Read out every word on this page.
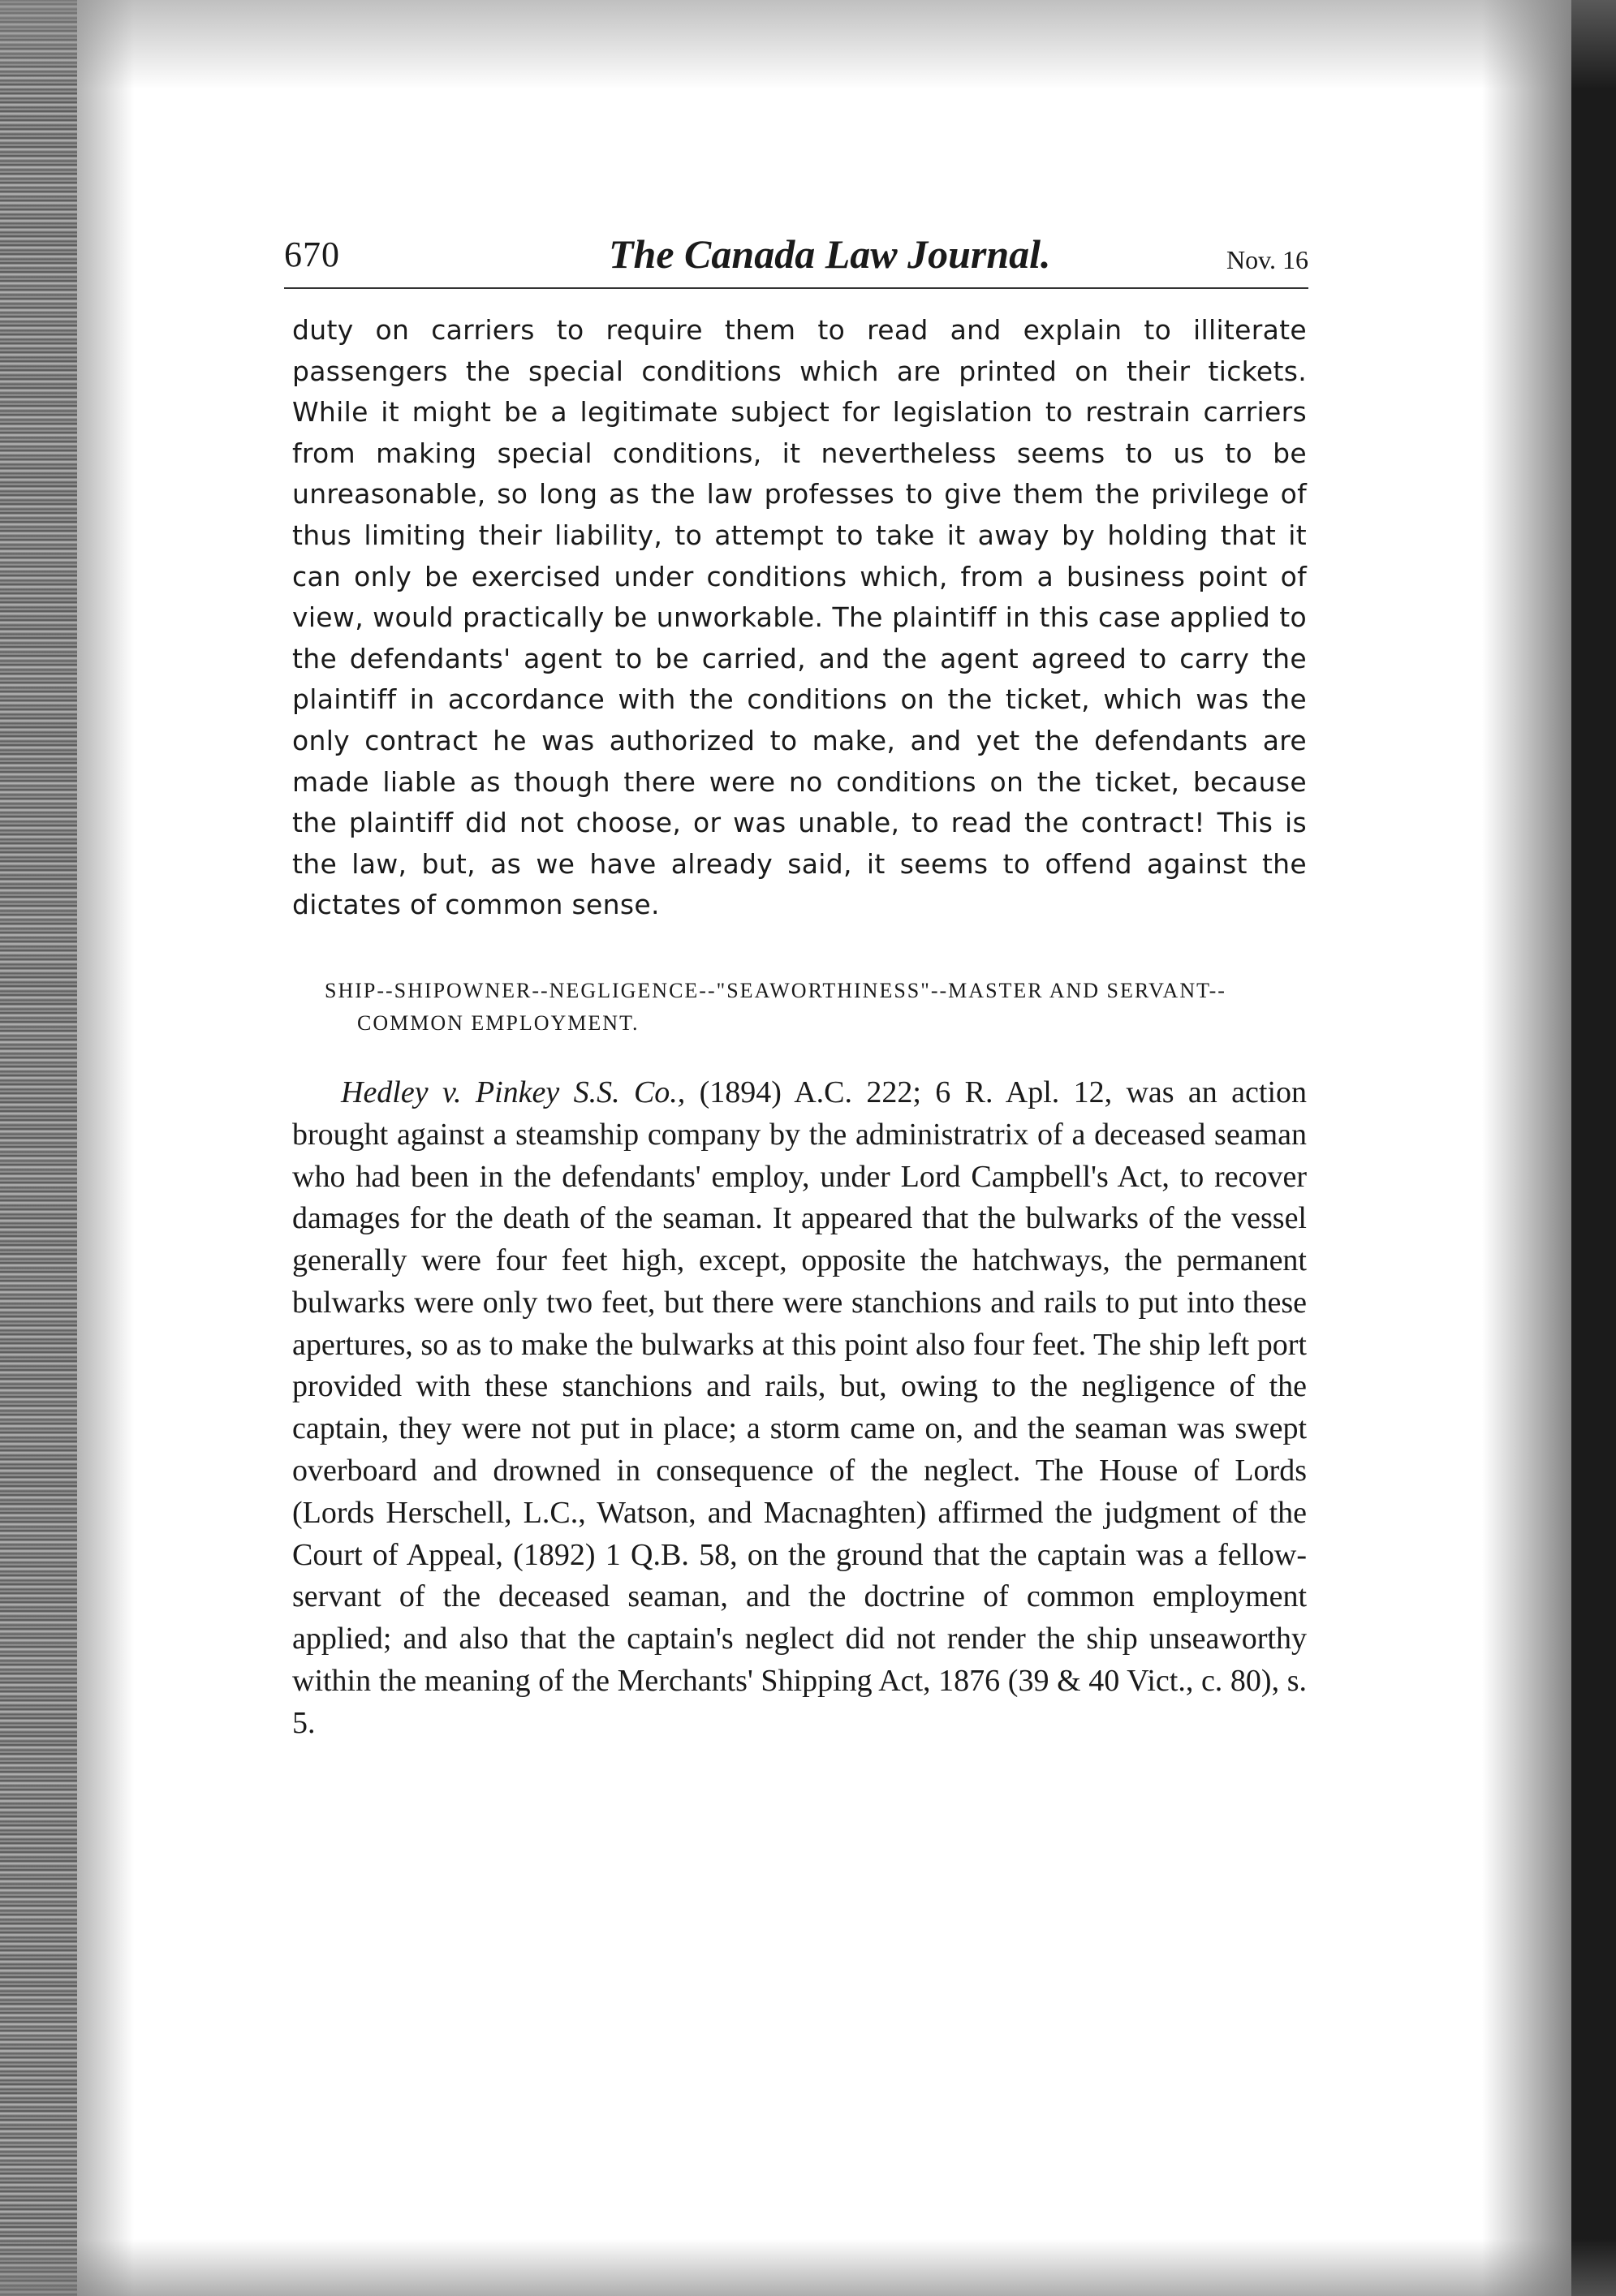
670	The Canada Law Journal.	Nov. 16

duty on carriers to require them to read and explain to illiterate passengers the special conditions which are printed on their tickets. While it might be a legitimate subject for legislation to restrain carriers from making special conditions, it nevertheless seems to us to be unreasonable, so long as the law professes to give them the privilege of thus limiting their liability, to attempt to take it away by holding that it can only be exercised under conditions which, from a business point of view, would practically be unworkable. The plaintiff in this case applied to the defendants' agent to be carried, and the agent agreed to carry the plaintiff in accordance with the conditions on the ticket, which was the only contract he was authorized to make, and yet the defendants are made liable as though there were no conditions on the ticket, because the plaintiff did not choose, or was unable, to read the contract! This is the law, but, as we have already said, it seems to offend against the dictates of common sense.

SHIP--SHIPOWNER--NEGLIGENCE--"SEAWORTHINESS"--MASTER AND SERVANT--
COMMON EMPLOYMENT.

Hedley v. Pinkey S.S. Co., (1894) A.C. 222; 6 R. Apl. 12, was an action brought against a steamship company by the administratrix of a deceased seaman who had been in the defendants' employ, under Lord Campbell's Act, to recover damages for the death of the seaman. It appeared that the bulwarks of the vessel generally were four feet high, except, opposite the hatchways, the permanent bulwarks were only two feet, but there were stanchions and rails to put into these apertures, so as to make the bulwarks at this point also four feet. The ship left port provided with these stanchions and rails, but, owing to the negligence of the captain, they were not put in place; a storm came on, and the seaman was swept overboard and drowned in consequence of the neglect. The House of Lords (Lords Herschell, L.C., Watson, and Macnaghten) affirmed the judgment of the Court of Appeal, (1892) 1 Q.B. 58, on the ground that the captain was a fellow-servant of the deceased seaman, and the doctrine of common employment applied; and also that the captain's neglect did not render the ship unseaworthy within the meaning of the Merchants' Shipping Act, 1876 (39 & 40 Vict., c. 80), s. 5.
